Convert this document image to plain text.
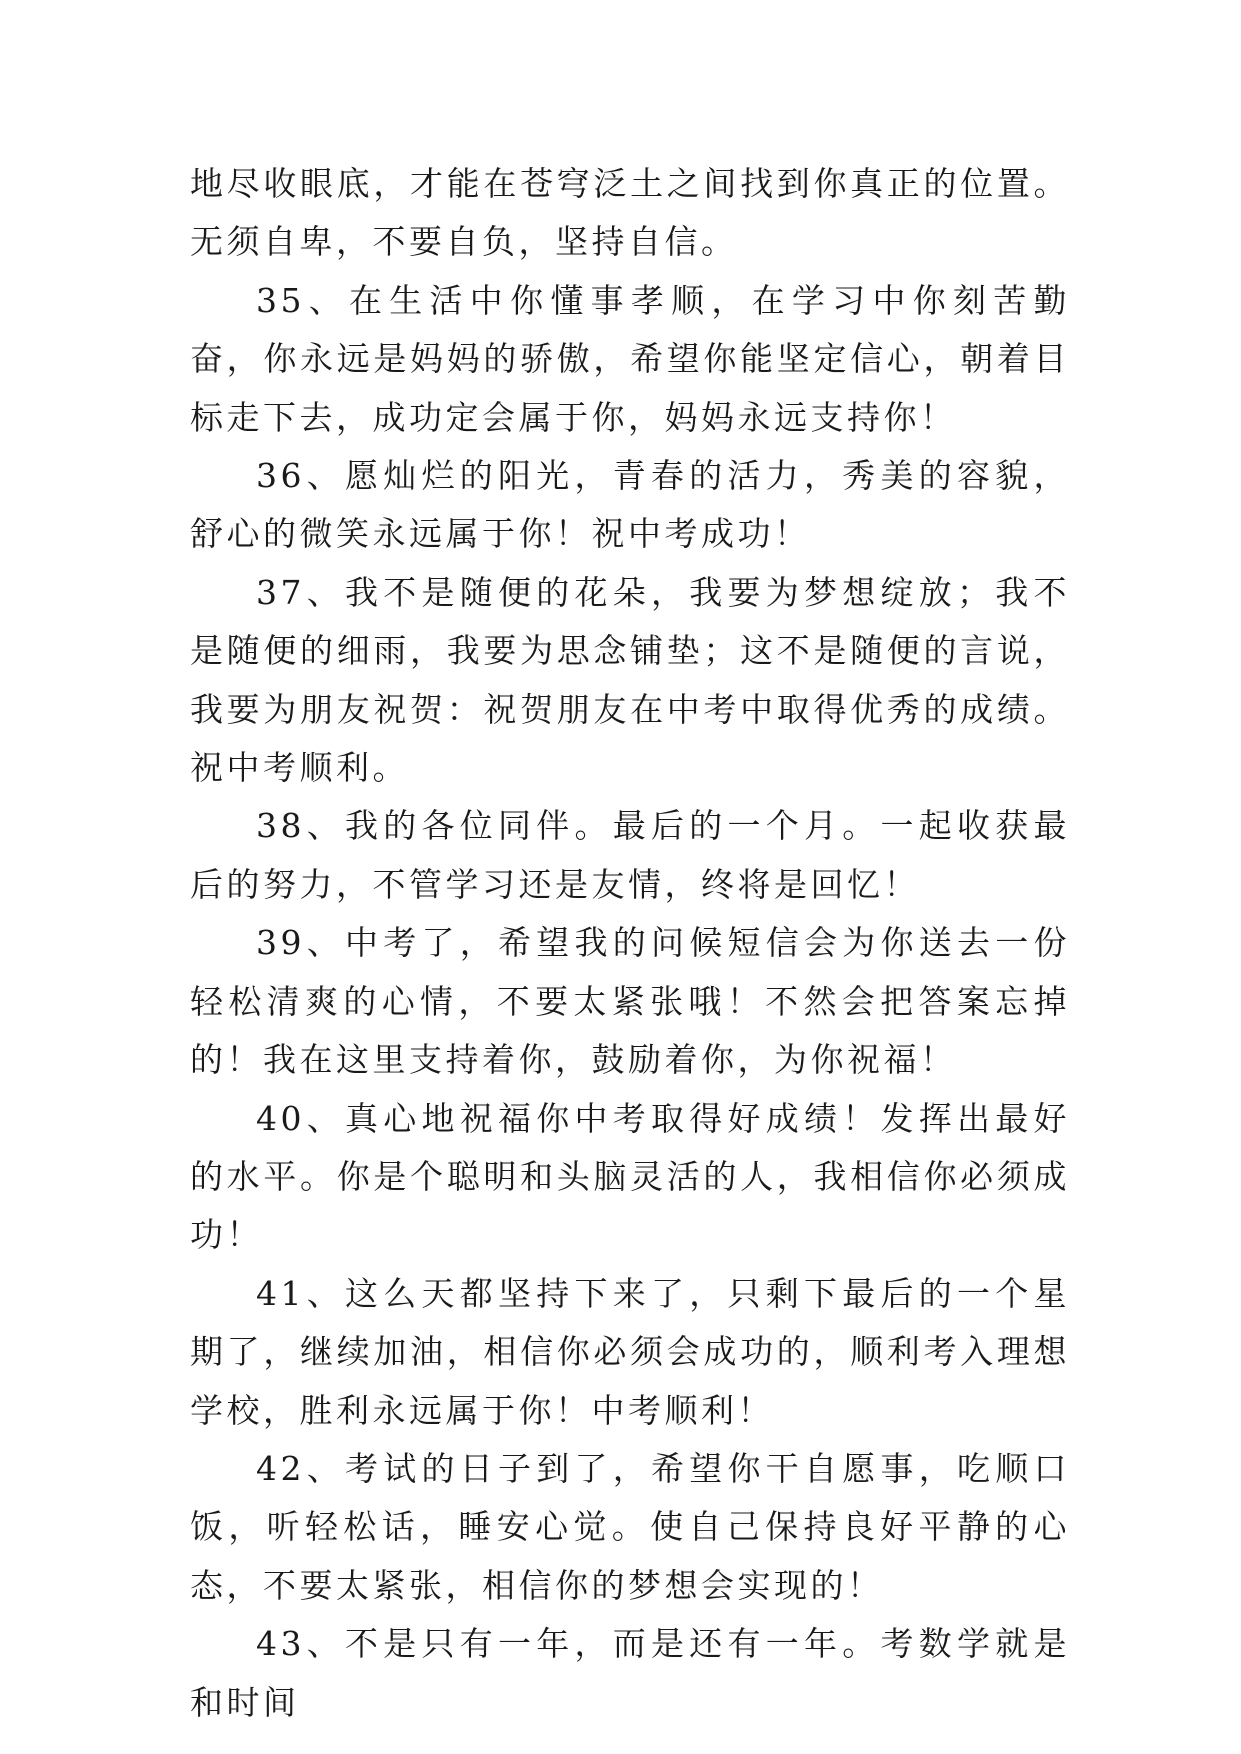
地尽收眼底，才能在苍穹泛土之间找到你真正的位置。无须自卑，不要自负，坚持自信。

35、在生活中你懂事孝顺，在学习中你刻苦勤奋，你永远是妈妈的骄傲，希望你能坚定信心，朝着目标走下去，成功定会属于你，妈妈永远支持你！

36、愿灿烂的阳光，青春的活力，秀美的容貌，舒心的微笑永远属于你！祝中考成功！

37、我不是随便的花朵，我要为梦想绽放；我不是随便的细雨，我要为思念铺垫；这不是随便的言说，我要为朋友祝贺：祝贺朋友在中考中取得优秀的成绩。祝中考顺利。

38、我的各位同伴。最后的一个月。一起收获最后的努力，不管学习还是友情，终将是回忆！

39、中考了，希望我的问候短信会为你送去一份轻松清爽的心情，不要太紧张哦！不然会把答案忘掉的！我在这里支持着你，鼓励着你，为你祝福！

40、真心地祝福你中考取得好成绩！发挥出最好的水平。你是个聪明和头脑灵活的人，我相信你必须成功！

41、这么天都坚持下来了，只剩下最后的一个星期了，继续加油，相信你必须会成功的，顺利考入理想学校，胜利永远属于你！中考顺利！

42、考试的日子到了，希望你干自愿事，吃顺口饭，听轻松话，睡安心觉。使自己保持良好平静的心态，不要太紧张，相信你的梦想会实现的！

43、不是只有一年，而是还有一年。考数学就是和时间
